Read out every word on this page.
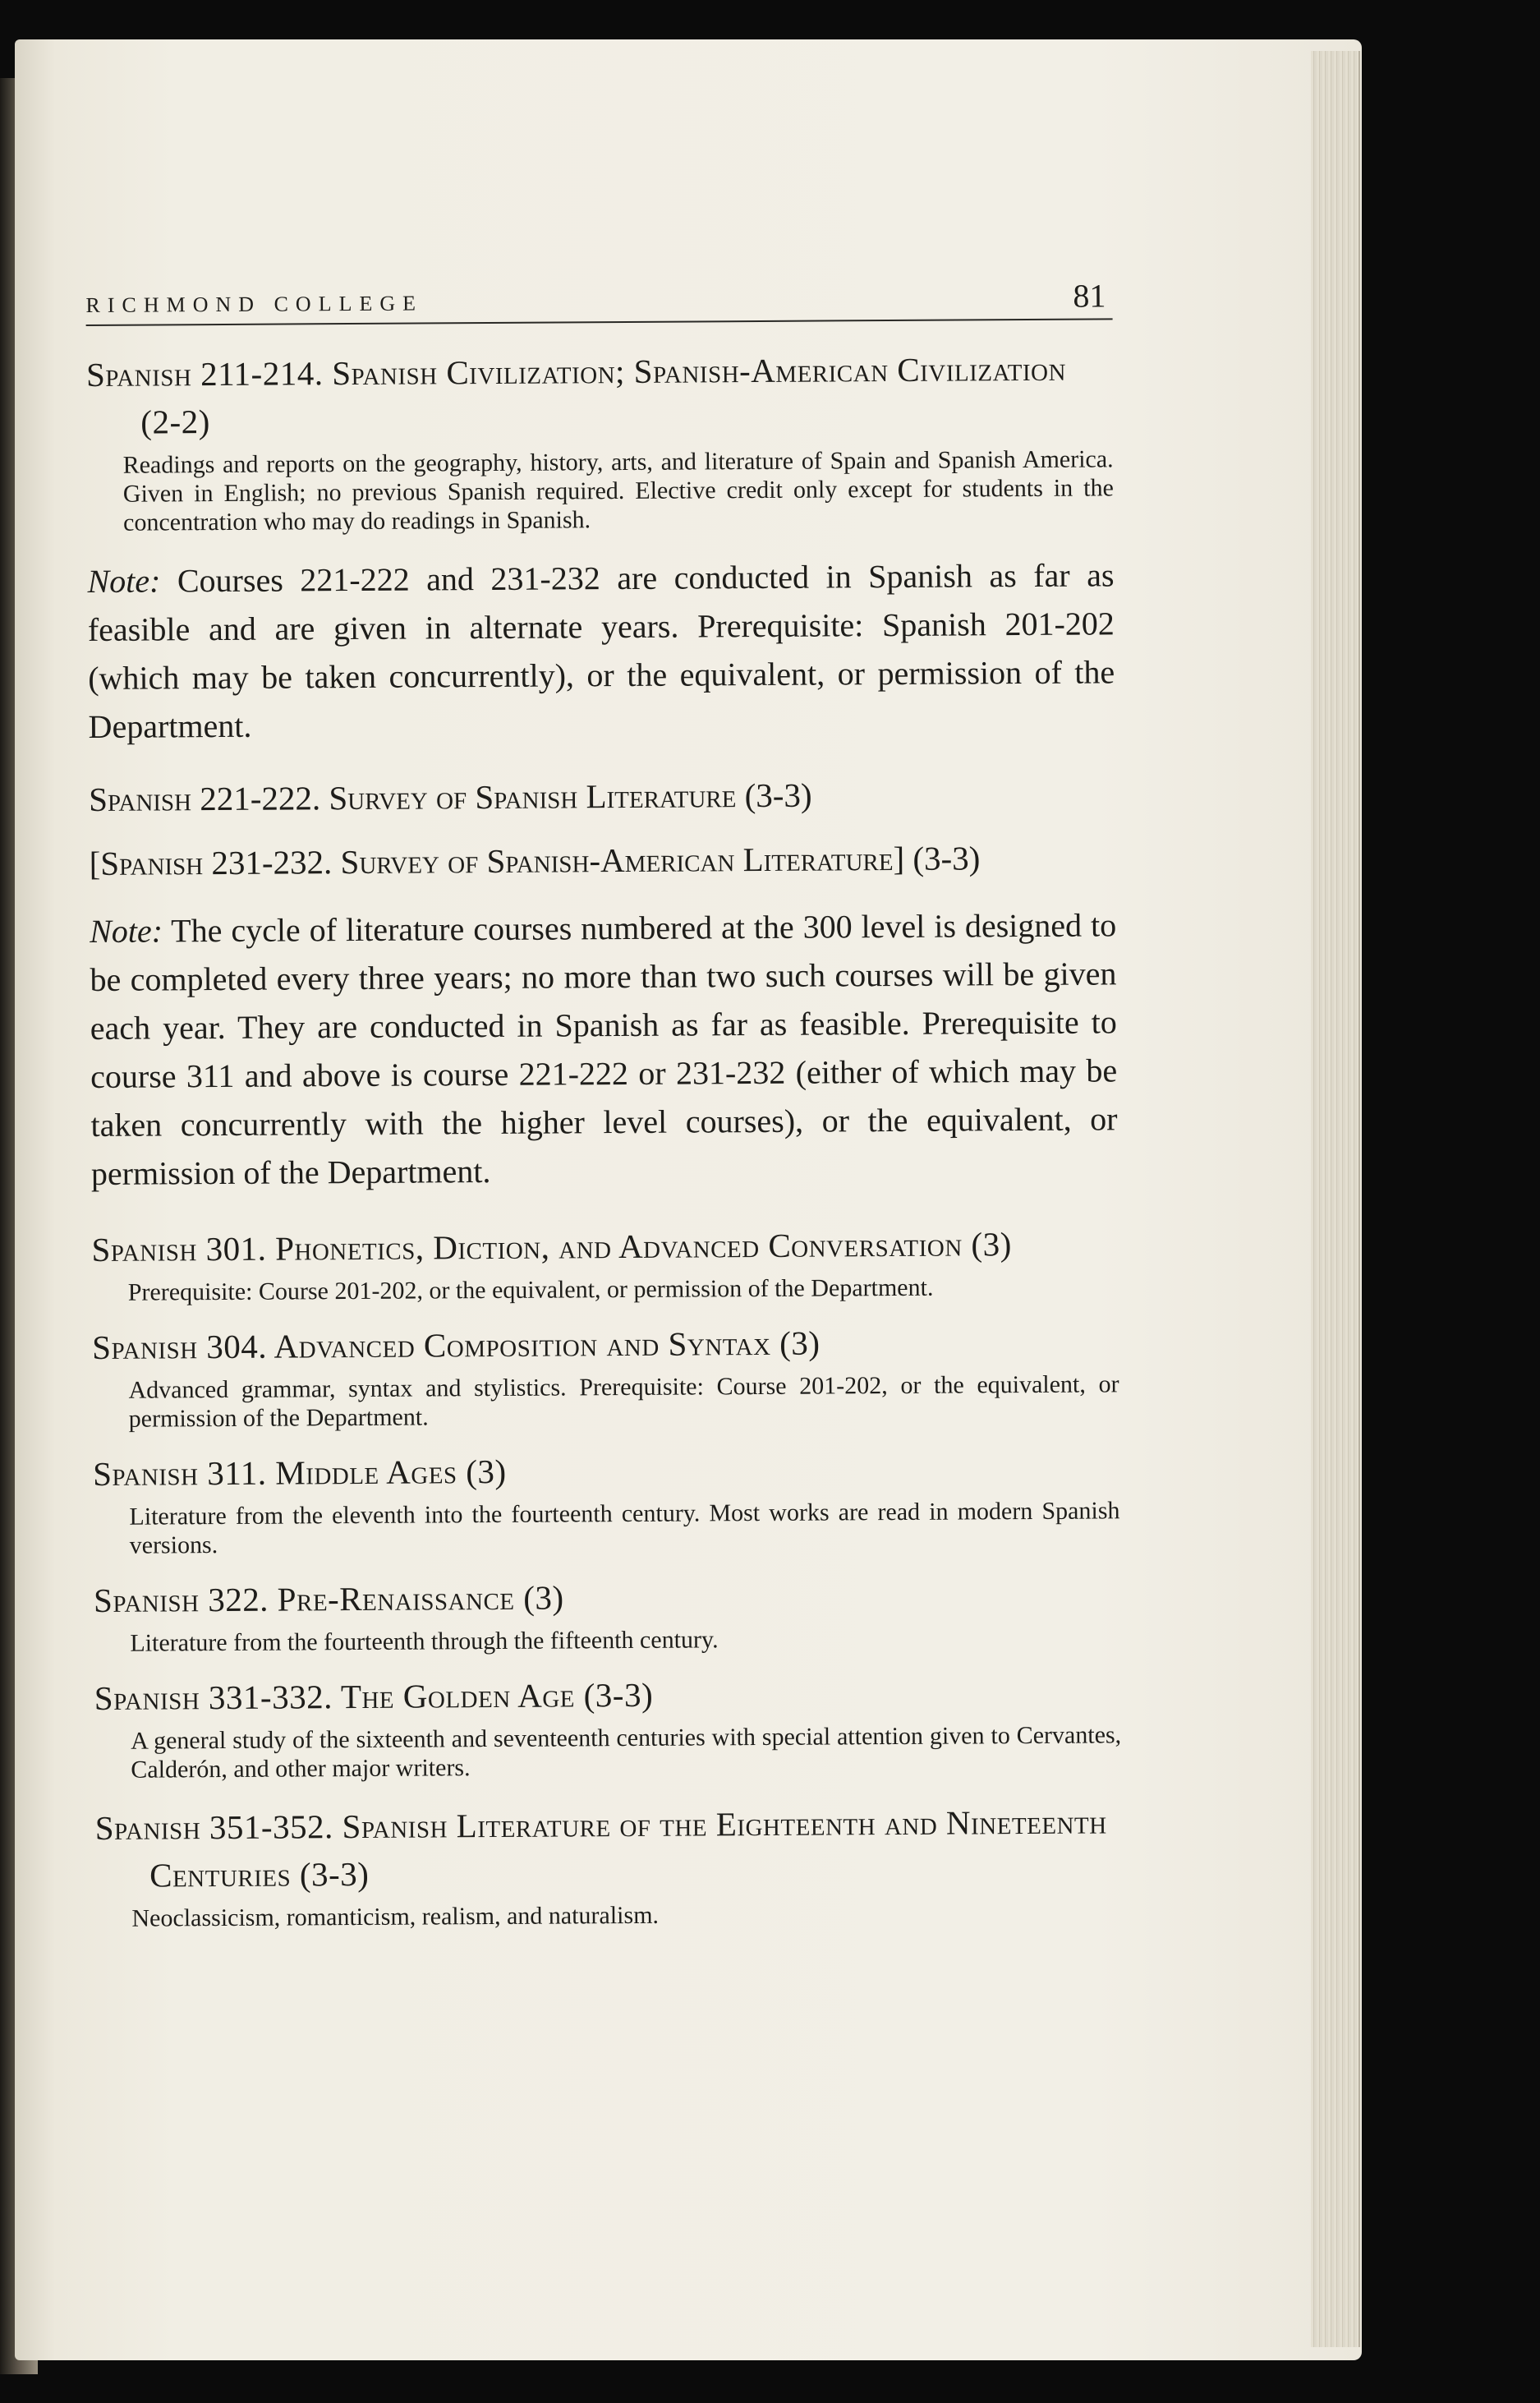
RICHMOND COLLEGE	81
Spanish 211-214. Spanish Civilization; Spanish-American Civilization (2-2)
Readings and reports on the geography, history, arts, and literature of Spain and Spanish America. Given in English; no previous Spanish required. Elective credit only except for students in the concentration who may do readings in Spanish.
Note: Courses 221-222 and 231-232 are conducted in Spanish as far as feasible and are given in alternate years. Prerequisite: Spanish 201-202 (which may be taken concurrently), or the equivalent, or permission of the Department.
Spanish 221-222. Survey of Spanish Literature (3-3)
[Spanish 231-232. Survey of Spanish-American Literature] (3-3)
Note: The cycle of literature courses numbered at the 300 level is designed to be completed every three years; no more than two such courses will be given each year. They are conducted in Spanish as far as feasible. Prerequisite to course 311 and above is course 221-222 or 231-232 (either of which may be taken concurrently with the higher level courses), or the equivalent, or permission of the Department.
Spanish 301. Phonetics, Diction, and Advanced Conversation (3)
Prerequisite: Course 201-202, or the equivalent, or permission of the Department.
Spanish 304. Advanced Composition and Syntax (3)
Advanced grammar, syntax and stylistics. Prerequisite: Course 201-202, or the equivalent, or permission of the Department.
Spanish 311. Middle Ages (3)
Literature from the eleventh into the fourteenth century. Most works are read in modern Spanish versions.
Spanish 322. Pre-Renaissance (3)
Literature from the fourteenth through the fifteenth century.
Spanish 331-332. The Golden Age (3-3)
A general study of the sixteenth and seventeenth centuries with special attention given to Cervantes, Calderón, and other major writers.
Spanish 351-352. Spanish Literature of the Eighteenth and Nineteenth Centuries (3-3)
Neoclassicism, romanticism, realism, and naturalism.
